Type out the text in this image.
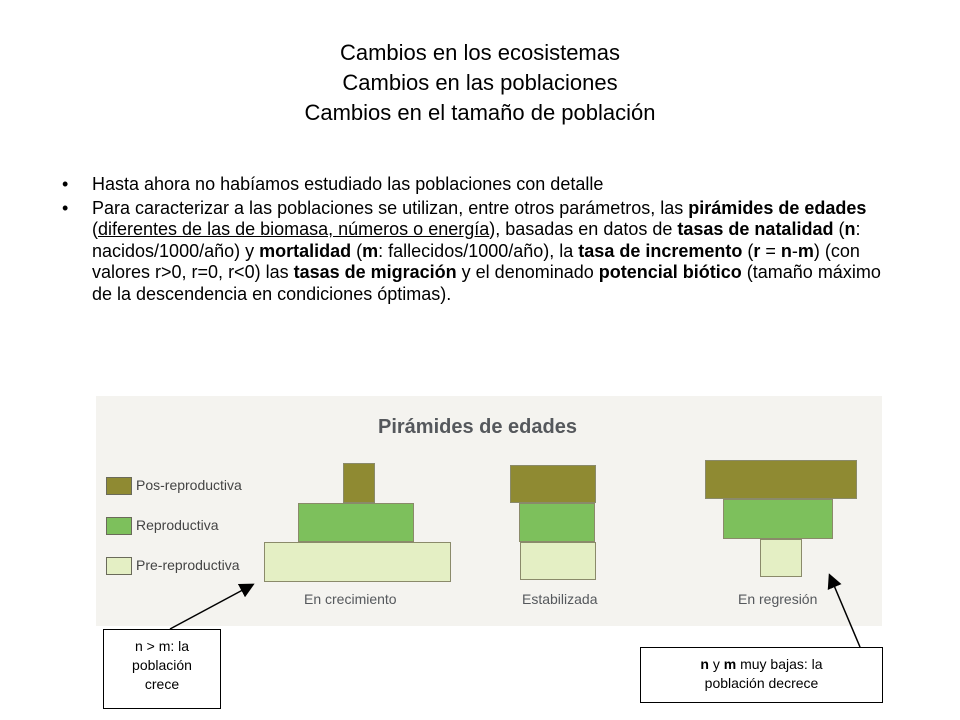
Cambios en los ecosistemas
Cambios en las poblaciones
Cambios en el tamaño de población
• Hasta ahora no habíamos estudiado las poblaciones con detalle
• Para caracterizar a las poblaciones se utilizan, entre otros parámetros, las pirámides de edades (diferentes de las de biomasa, números o energía), basadas en datos de tasas de natalidad (n: nacidos/1000/año) y mortalidad (m: fallecidos/1000/año), la tasa de incremento (r = n-m) (con valores r>0, r=0, r<0) las tasas de migración y el denominado potencial biótico (tamaño máximo de la descendencia en condiciones óptimas).
Pirámides de edades
Pos-reproductiva
Reproductiva
Pre-reproductiva
En crecimiento	Estabilizada	En regresión
n > m: la
población
crece
n y m muy bajas: la
población decrece
